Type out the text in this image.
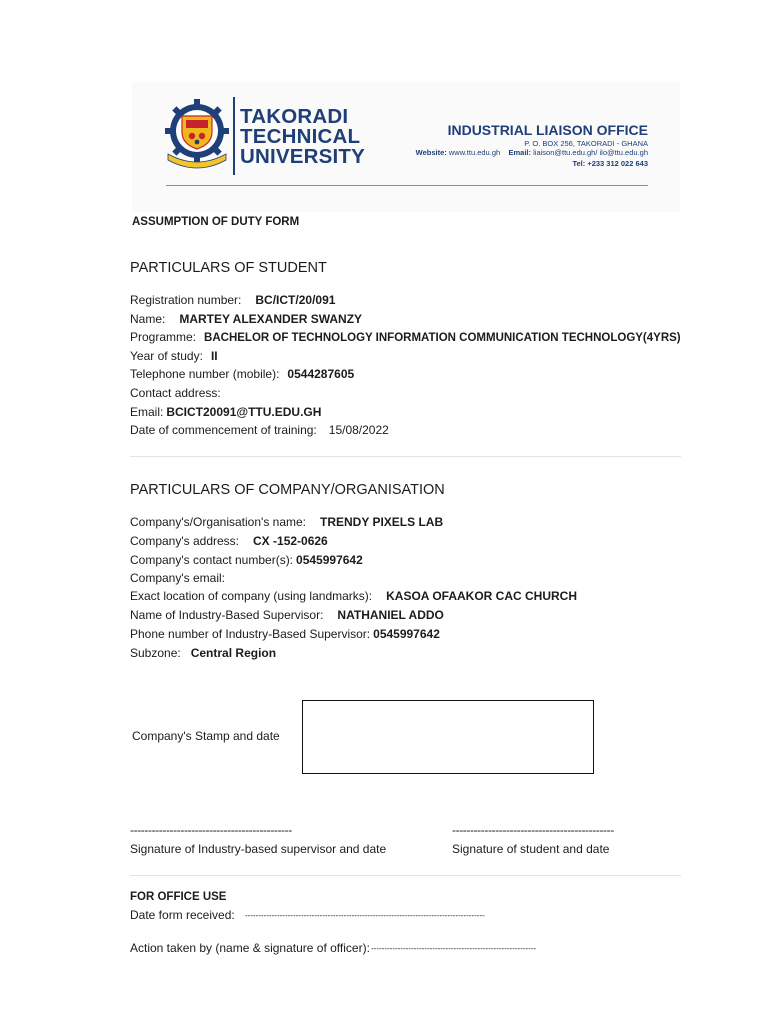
TAKORADI
TECHNICAL
UNIVERSITY
INDUSTRIAL LIAISON OFFICE
P. O. BOX 256, TAKORADI - GHANA
Website: www.ttu.edu.gh Email: liaison@ttu.edu.gh/ ilo@ttu.edu.gh
Tel: +233 312 022 643
ASSUMPTION OF DUTY FORM
PARTICULARS OF STUDENT
Registration number: BC/ICT/20/091
Name: MARTEY ALEXANDER SWANZY
Programme: BACHELOR OF TECHNOLOGY INFORMATION COMMUNICATION TECHNOLOGY(4YRS)
Year of study: II
Telephone number (mobile): 0544287605
Contact address:
Email: BCICT20091@TTU.EDU.GH
Date of commencement of training: 15/08/2022
PARTICULARS OF COMPANY/ORGANISATION
Company's/Organisation's name: TRENDY PIXELS LAB
Company's address: CX -152-0626
Company's contact number(s): 0545997642
Company's email:
Exact location of company (using landmarks): KASOA OFAAKOR CAC CHURCH
Name of Industry-Based Supervisor: NATHANIEL ADDO
Phone number of Industry-Based Supervisor: 0545997642
Subzone: Central Region
Company's Stamp and date
---------------------------------------------	---------------------------------------------
Signature of Industry-based supervisor and date	Signature of student and date
FOR OFFICE USE
Date form received: ------------------------------------------------------------------------------------------
Action taken by (name & signature of officer): --------------------------------------------------------------
